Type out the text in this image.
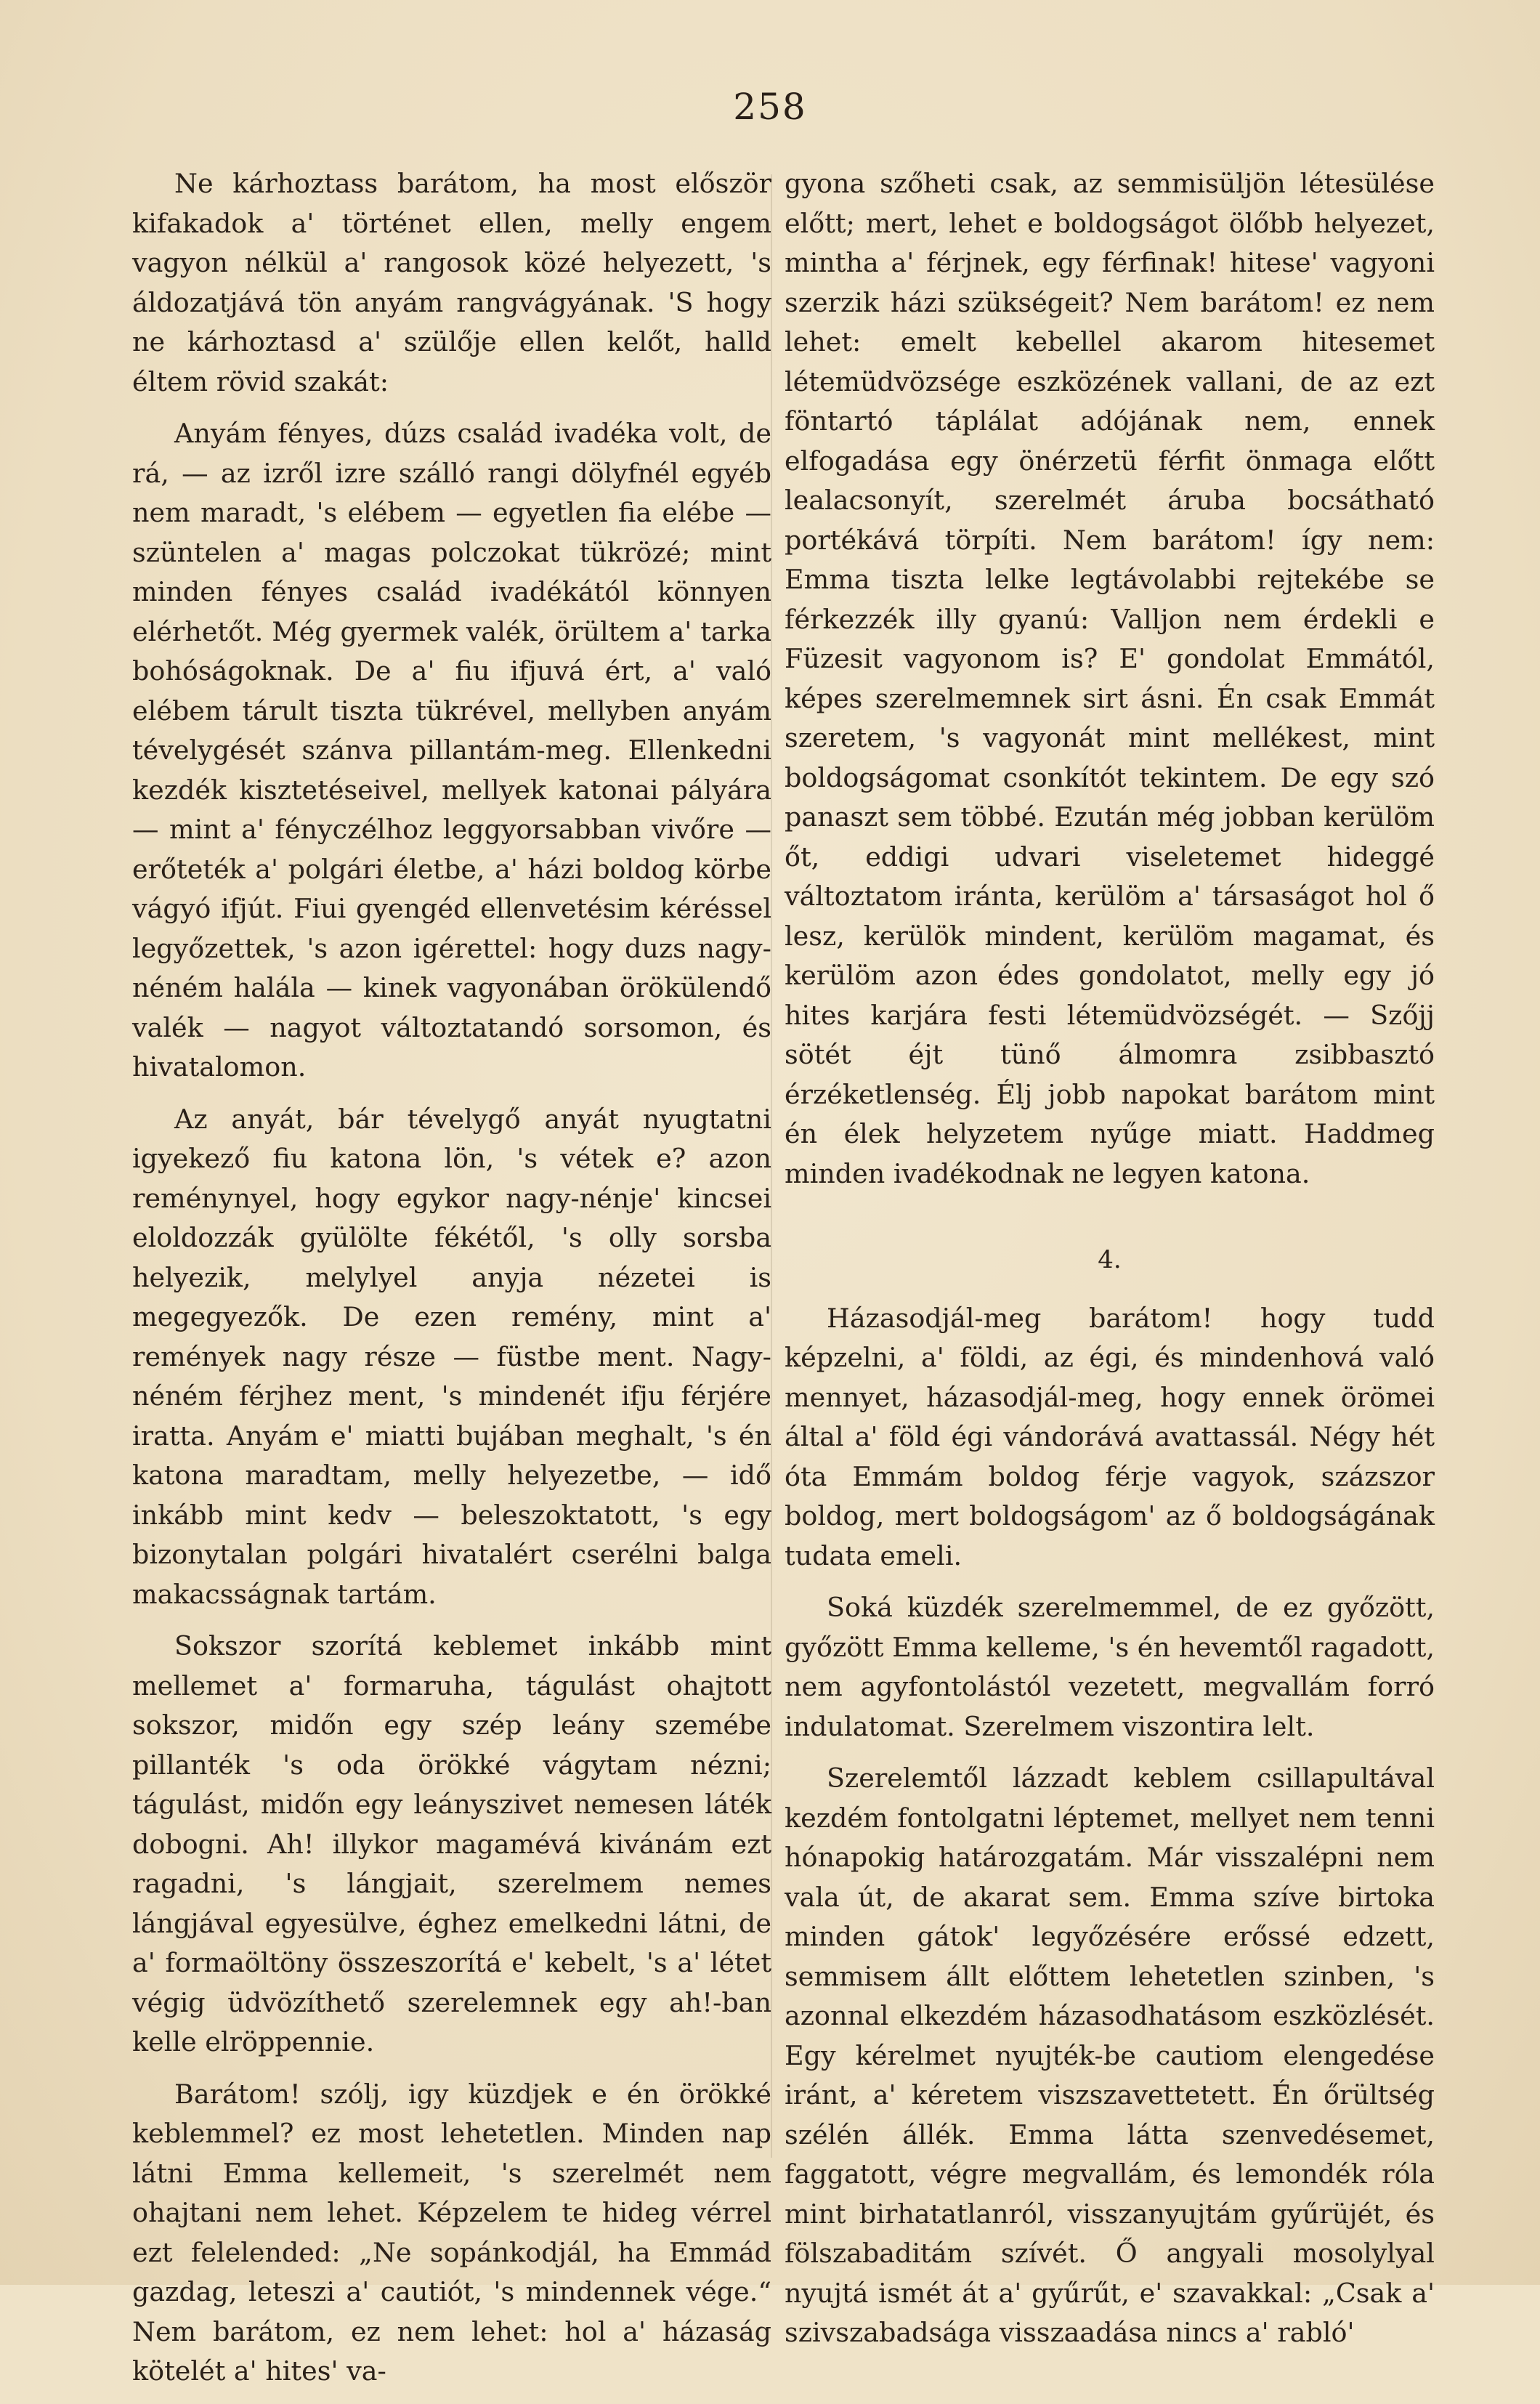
258

Ne kárhoztass barátom, ha most először kifakadok a' történet ellen, melly engem vagyon nélkül a' rangosok közé helyezett, 's áldozatjává tön anyám rangvágyának. 'S hogy ne kárhoztasd a' szülője ellen kelőt, halld éltem rövid szakát:

Anyám fényes, dúzs család ivadéka volt, de rá, — az izről izre szálló rangi dölyfnél egyéb nem maradt, 's elébem — egyetlen fia elébe — szüntelen a' magas polczokat tükrözé; mint minden fényes család ivadékától könnyen elérhetőt. Még gyermek valék, örültem a' tarka bohóságoknak. De a' fiu ifjuvá ért, a' való elébem tárult tiszta tükrével, mellyben anyám tévelygését szánva pillantám-meg. Ellenkedni kezdék kisztetéseivel, mellyek katonai pályára — mint a' fényczélhoz leggyorsabban vivőre — erőteték a' polgári életbe, a' házi boldog körbe vágyó ifjút. Fiui gyengéd ellenvetésim kéréssel legyőzettek, 's azon igérettel: hogy duzs nagy-néném halála — kinek vagyonában örökülendő valék — nagyot változtatandó sorsomon, és hivatalomon.

Az anyát, bár tévelygő anyát nyugtatni igyekező fiu katona lön, 's vétek e? azon reménynyel, hogy egykor nagy-nénje' kincsei eloldozzák gyülölte fékétől, 's olly sorsba helyezik, melylyel anyja nézetei is megegyezők. De ezen remény, mint a' remények nagy része — füstbe ment. Nagy-néném férjhez ment, 's mindenét ifju férjére iratta. Anyám e' miatti bujában meghalt, 's én katona maradtam, melly helyezetbe, — idő inkább mint kedv — beleszoktatott, 's egy bizonytalan polgári hivatalért cserélni balga makacsságnak tartám.

Sokszor szorítá keblemet inkább mint mellemet a' formaruha, tágulást ohajtott sokszor, midőn egy szép leány szemébe pillanték 's oda örökké vágytam nézni; tágulást, midőn egy leányszivet nemesen láték dobogni. Ah! illykor magamévá kivánám ezt ragadni, 's lángjait, szerelmem nemes lángjával egyesülve, éghez emelkedni látni, de a' formaöltöny összeszorítá e' kebelt, 's a' létet végig üdvözíthető szerelemnek egy ah!-ban kelle elröppennie.

Barátom! szólj, igy küzdjek e én örökké keblemmel? ez most lehetetlen. Minden nap látni Emma kellemeit, 's szerelmét nem ohajtani nem lehet. Képzelem te hideg vérrel ezt felelended: „Ne sopánkodjál, ha Emmád gazdag, leteszi a' cautiót, 's mindennek vége.“ Nem barátom, ez nem lehet: hol a' házaság kötelét a' hites' va-

gyona szőheti csak, az semmisüljön létesülése előtt; mert, lehet e boldogságot ölőbb helyezet, mintha a' férjnek, egy férfinak! hitese' vagyoni szerzik házi szükségeit? Nem barátom! ez nem lehet: emelt kebellel akarom hitesemet létemüdvözsége eszközének vallani, de az ezt föntartó táplálat adójának nem, ennek elfogadása egy önérzetü férfit önmaga előtt lealacsonyít, szerelmét áruba bocsátható portékává törpíti. Nem barátom! így nem: Emma tiszta lelke legtávolabbi rejtekébe se férkezzék illy gyanú: Valljon nem érdekli e Füzesit vagyonom is? E' gondolat Emmától, képes szerelmemnek sirt ásni. Én csak Emmát szeretem, 's vagyonát mint mellékest, mint boldogságomat csonkítót tekintem. De egy szó panaszt sem többé. Ezután még jobban kerülöm őt, eddigi udvari viseletemet hideggé változtatom iránta, kerülöm a' társaságot hol ő lesz, kerülök mindent, kerülöm magamat, és kerülöm azon édes gondolatot, melly egy jó hites karjára festi létemüdvözségét. — Szőjj sötét éjt tünő álmomra zsibbasztó érzéketlenség. Élj jobb napokat barátom mint én élek helyzetem nyűge miatt. Haddmeg minden ivadékodnak ne legyen katona.

4.

Házasodjál-meg barátom! hogy tudd képzelni, a' földi, az égi, és mindenhová való mennyet, házasodjál-meg, hogy ennek örömei által a' föld égi vándorává avattassál. Négy hét óta Emmám boldog férje vagyok, százszor boldog, mert boldogságom' az ő boldogságának tudata emeli.

Soká küzdék szerelmemmel, de ez győzött, győzött Emma kelleme, 's én hevemtől ragadott, nem agyfontolástól vezetett, megvallám forró indulatomat. Szerelmem viszontira lelt.

Szerelemtől lázzadt keblem csillapultával kezdém fontolgatni léptemet, mellyet nem tenni hónapokig határozgatám. Már visszalépni nem vala út, de akarat sem. Emma szíve birtoka minden gátok' legyőzésére erőssé edzett, semmisem állt előttem lehetetlen szinben, 's azonnal elkezdém házasodhatásom eszközlését. Egy kérelmet nyujték-be cautiom elengedése iránt, a' kéretem viszszavettetett. Én őrültség szélén állék. Emma látta szenvedésemet, faggatott, végre megvallám, és lemondék róla mint birhatatlanról, visszanyujtám gyűrüjét, és fölszabaditám szívét. Ő angyali mosolylyal nyujtá ismét át a' gyűrűt, e' szavakkal: „Csak a' szivszabadsága visszaadása nincs a' rabló'
